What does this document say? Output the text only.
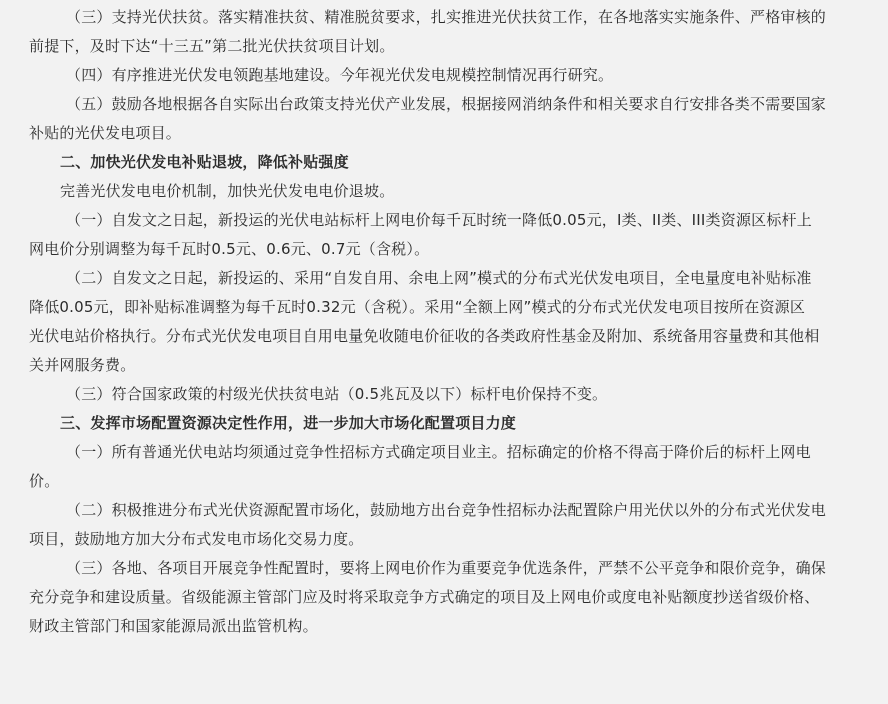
（三）支持光伏扶贫。落实精准扶贫、精准脱贫要求，扎实推进光伏扶贫工作，在各地落实实施条件、严格审核的

前提下，及时下达“十三五”第二批光伏扶贫项目计划。

（四）有序推进光伏发电领跑基地建设。今年视光伏发电规模控制情况再行研究。

（五）鼓励各地根据各自实际出台政策支持光伏产业发展，根据接网消纳条件和相关要求自行安排各类不需要国家

补贴的光伏发电项目。

二、加快光伏发电补贴退坡，降低补贴强度

完善光伏发电电价机制，加快光伏发电电价退坡。

（一）自发文之日起，新投运的光伏电站标杆上网电价每千瓦时统一降低0.05元，I类、II类、III类资源区标杆上

网电价分别调整为每千瓦时0.5元、0.6元、0.7元（含税）。

（二）自发文之日起，新投运的、采用“自发自用、余电上网”模式的分布式光伏发电项目，全电量度电补贴标准

降低0.05元，即补贴标准调整为每千瓦时0.32元（含税）。采用“全额上网”模式的分布式光伏发电项目按所在资源区

光伏电站价格执行。分布式光伏发电项目自用电量免收随电价征收的各类政府性基金及附加、系统备用容量费和其他相

关并网服务费。

（三）符合国家政策的村级光伏扶贫电站（0.5兆瓦及以下）标杆电价保持不变。

三、发挥市场配置资源决定性作用，进一步加大市场化配置项目力度

（一）所有普通光伏电站均须通过竞争性招标方式确定项目业主。招标确定的价格不得高于降价后的标杆上网电

价。

（二）积极推进分布式光伏资源配置市场化，鼓励地方出台竞争性招标办法配置除户用光伏以外的分布式光伏发电

项目，鼓励地方加大分布式发电市场化交易力度。

（三）各地、各项目开展竞争性配置时，要将上网电价作为重要竞争优选条件，严禁不公平竞争和限价竞争，确保

充分竞争和建设质量。省级能源主管部门应及时将采取竞争方式确定的项目及上网电价或度电补贴额度抄送省级价格、

财政主管部门和国家能源局派出监管机构。
